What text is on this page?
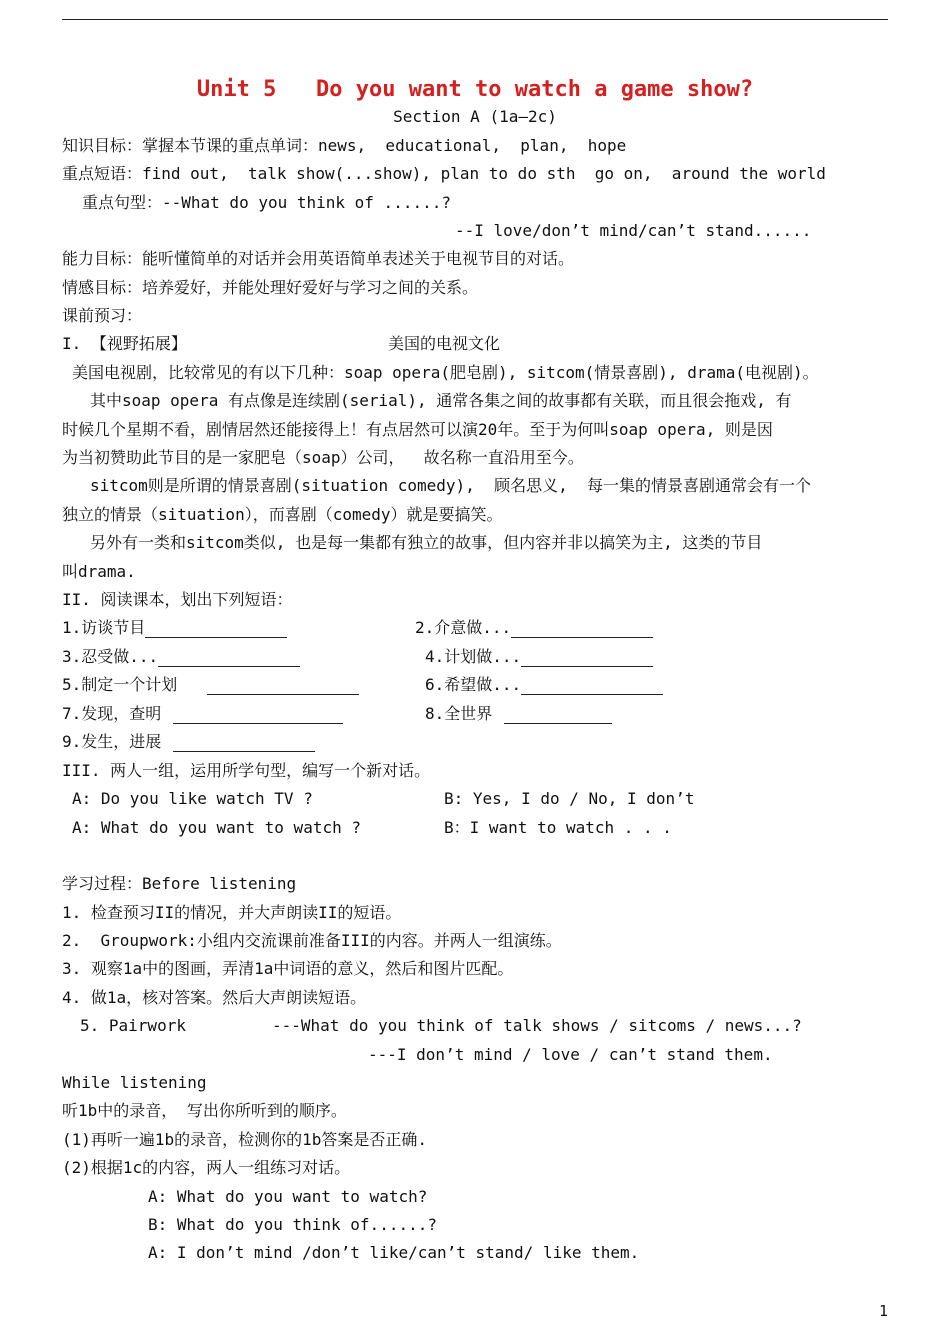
Unit 5   Do you want to watch a game show?
Section A (1a—2c)
知识目标：掌握本节课的重点单词：news,  educational,  plan,  hope
重点短语：find out,  talk show(...show), plan to do sth  go on,  around the world
重点句型：--What do you think of ......?
--I love/don’t mind/can’t stand......
能力目标：能听懂简单的对话并会用英语简单表述关于电视节目的对话。
情感目标：培养爱好，并能处理好爱好与学习之间的关系。
课前预习：
I. 【视野拓展】	美国的电视文化
美国电视剧，比较常见的有以下几种：soap opera(肥皂剧), sitcom(情景喜剧), drama(电视剧)。
其中soap opera 有点像是连续剧(serial), 通常各集之间的故事都有关联，而且很会拖戏, 有
时候几个星期不看，剧情居然还能接得上！有点居然可以演20年。至于为何叫soap opera, 则是因
为当初赞助此节目的是一家肥皂（soap）公司，  故名称一直沿用至今。
sitcom则是所谓的情景喜剧(situation comedy),  顾名思义,  每一集的情景喜剧通常会有一个
独立的情景（situation），而喜剧（comedy）就是要搞笑。
另外有一类和sitcom类似, 也是每一集都有独立的故事，但内容并非以搞笑为主, 这类的节目
叫drama.
II. 阅读课本，划出下列短语：
1.访谈节目	2.介意做...
3.忍受做...	4.计划做...
5.制定一个计划	6.希望做...
7.发现，查明	8.全世界
9.发生，进展
III. 两人一组，运用所学句型，编写一个新对话。
A: Do you like watch TV ?	B: Yes, I do / No, I don’t
A: What do you want to watch ?	B：I want to watch . . .
学习过程：Before listening
1. 检查预习II的情况，并大声朗读II的短语。
2.  Groupwork:小组内交流课前准备III的内容。并两人一组演练。
3. 观察1a中的图画，弄清1a中词语的意义，然后和图片匹配。
4. 做1a，核对答案。然后大声朗读短语。
5. Pairwork	---What do you think of talk shows / sitcoms / news...?
---I don’t mind / love / can’t stand them.
While listening
听1b中的录音， 写出你所听到的顺序。
(1)再听一遍1b的录音，检测你的1b答案是否正确.
(2)根据1c的内容，两人一组练习对话。
A: What do you want to watch?
B: What do you think of......?
A: I don’t mind /don’t like/can’t stand/ like them.
1
